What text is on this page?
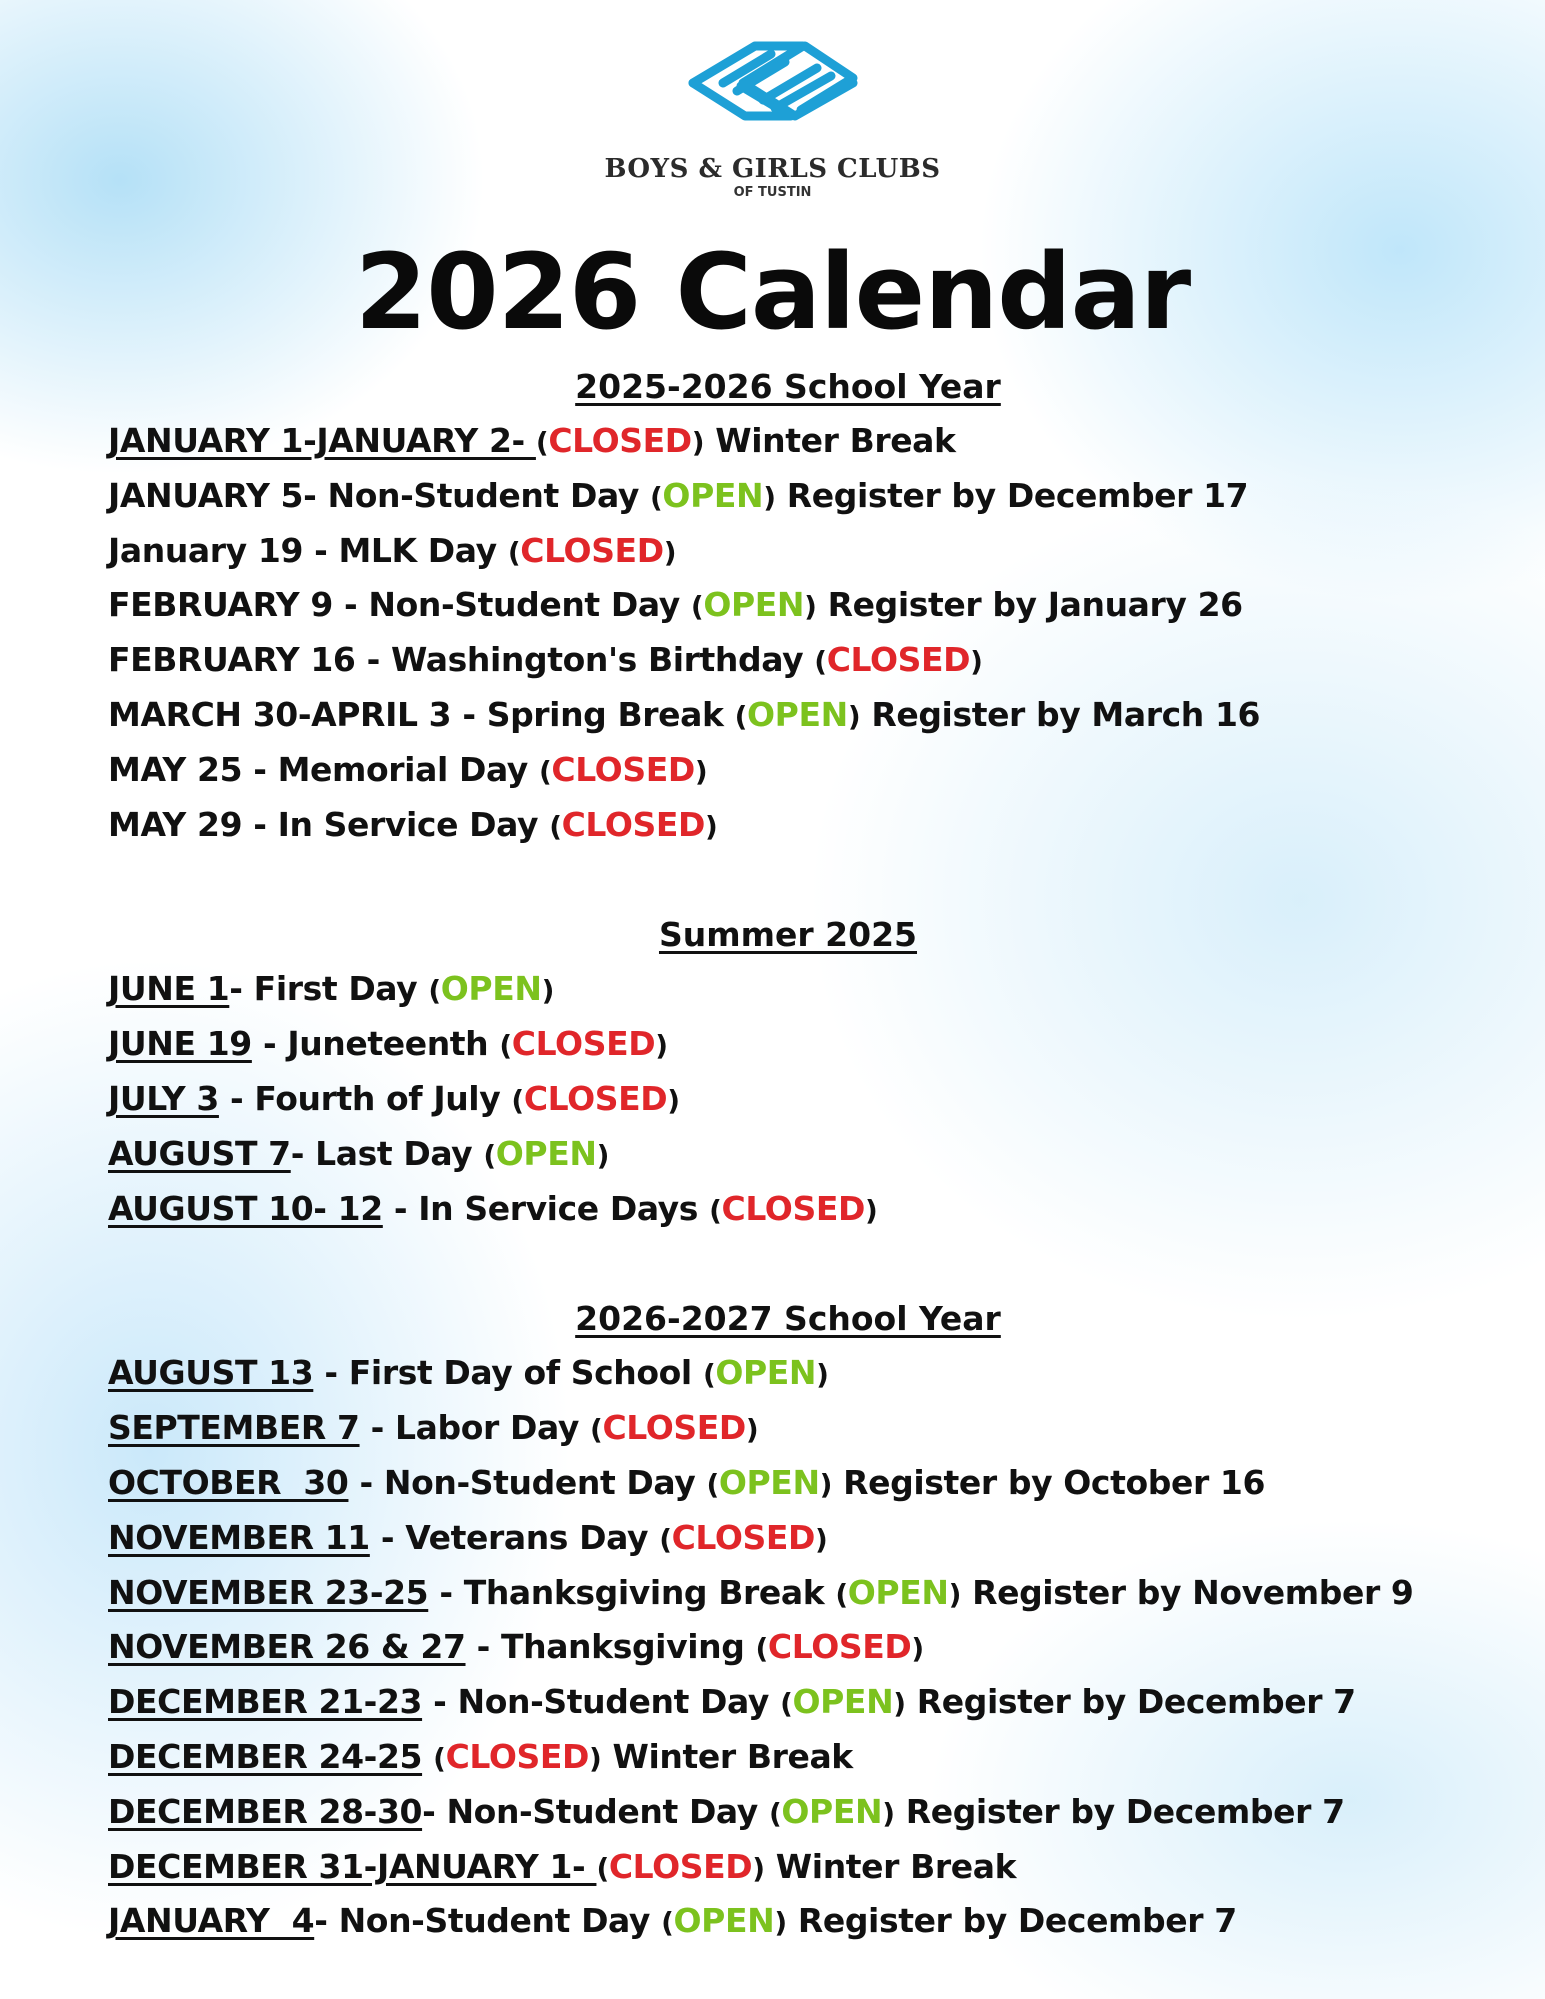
BOYS & GIRLS CLUBS
OF TUSTIN
2026 Calendar
2025-2026 School Year
JANUARY 1-JANUARY 2- (CLOSED) Winter Break
JANUARY 5- Non-Student Day (OPEN) Register by December 17
January 19 - MLK Day (CLOSED)
FEBRUARY 9 - Non-Student Day (OPEN) Register by January 26
FEBRUARY 16 - Washington's Birthday (CLOSED)
MARCH 30-APRIL 3 - Spring Break (OPEN) Register by March 16
MAY 25 - Memorial Day (CLOSED)
MAY 29 - In Service Day (CLOSED)
Summer 2025
JUNE 1- First Day (OPEN)
JUNE 19 - Juneteenth (CLOSED)
JULY 3 - Fourth of July (CLOSED)
AUGUST 7- Last Day (OPEN)
AUGUST 10- 12 - In Service Days (CLOSED)
2026-2027 School Year
AUGUST 13 - First Day of School (OPEN)
SEPTEMBER 7 - Labor Day (CLOSED)
OCTOBER  30 - Non-Student Day (OPEN) Register by October 16
NOVEMBER 11 - Veterans Day (CLOSED)
NOVEMBER 23-25 - Thanksgiving Break (OPEN) Register by November 9
NOVEMBER 26 & 27 - Thanksgiving (CLOSED)
DECEMBER 21-23 - Non-Student Day (OPEN) Register by December 7
DECEMBER 24-25 (CLOSED) Winter Break
DECEMBER 28-30- Non-Student Day (OPEN) Register by December 7
DECEMBER 31-JANUARY 1- (CLOSED) Winter Break
JANUARY  4- Non-Student Day (OPEN) Register by December 7
